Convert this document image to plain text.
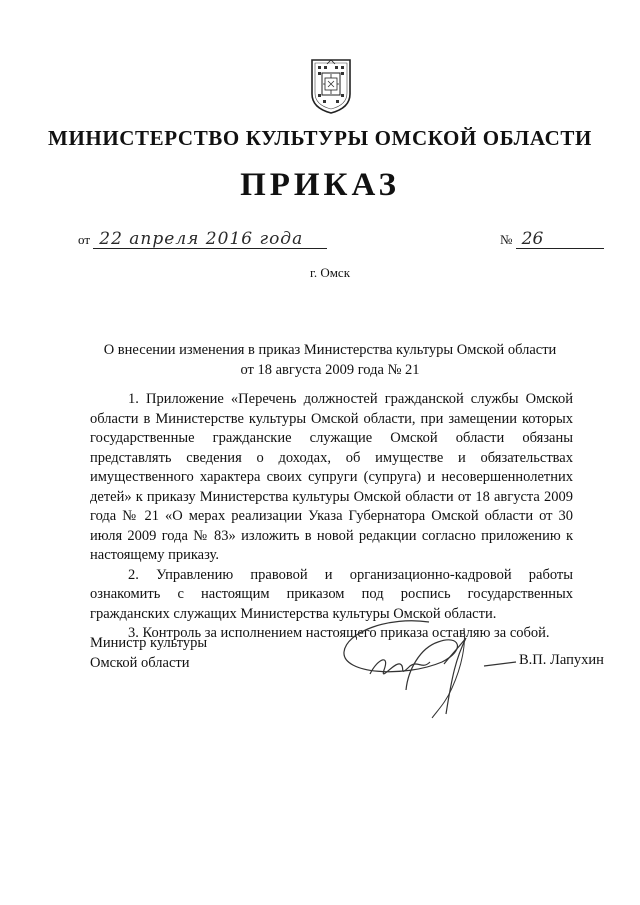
МИНИСТЕРСТВО КУЛЬТУРЫ ОМСКОЙ ОБЛАСТИ
ПРИКАЗ
от 22 апреля 2016 года	№ 26
г. Омск
О внесении изменения в приказ Министерства культуры Омской области
от 18 августа 2009 года № 21

1. Приложение «Перечень должностей гражданской службы Омской области в Министерстве культуры Омской области, при замещении которых государственные гражданские служащие Омской области обязаны представлять сведения о доходах, об имуществе и обязательствах имущественного характера своих супруги (супруга) и несовершеннолетних детей» к приказу Министерства культуры Омской области от 18 августа 2009 года № 21 «О мерах реализации Указа Губернатора Омской области от 30 июля 2009 года № 83» изложить в новой редакции согласно приложению к настоящему приказу.

2. Управлению правовой и организационно-кадровой работы ознакомить с настоящим приказом под роспись государственных гражданских служащих Министерства культуры Омской области.

3. Контроль за исполнением настоящего приказа оставляю за собой.

Министр культуры
Омской области	В.П. Лапухин
